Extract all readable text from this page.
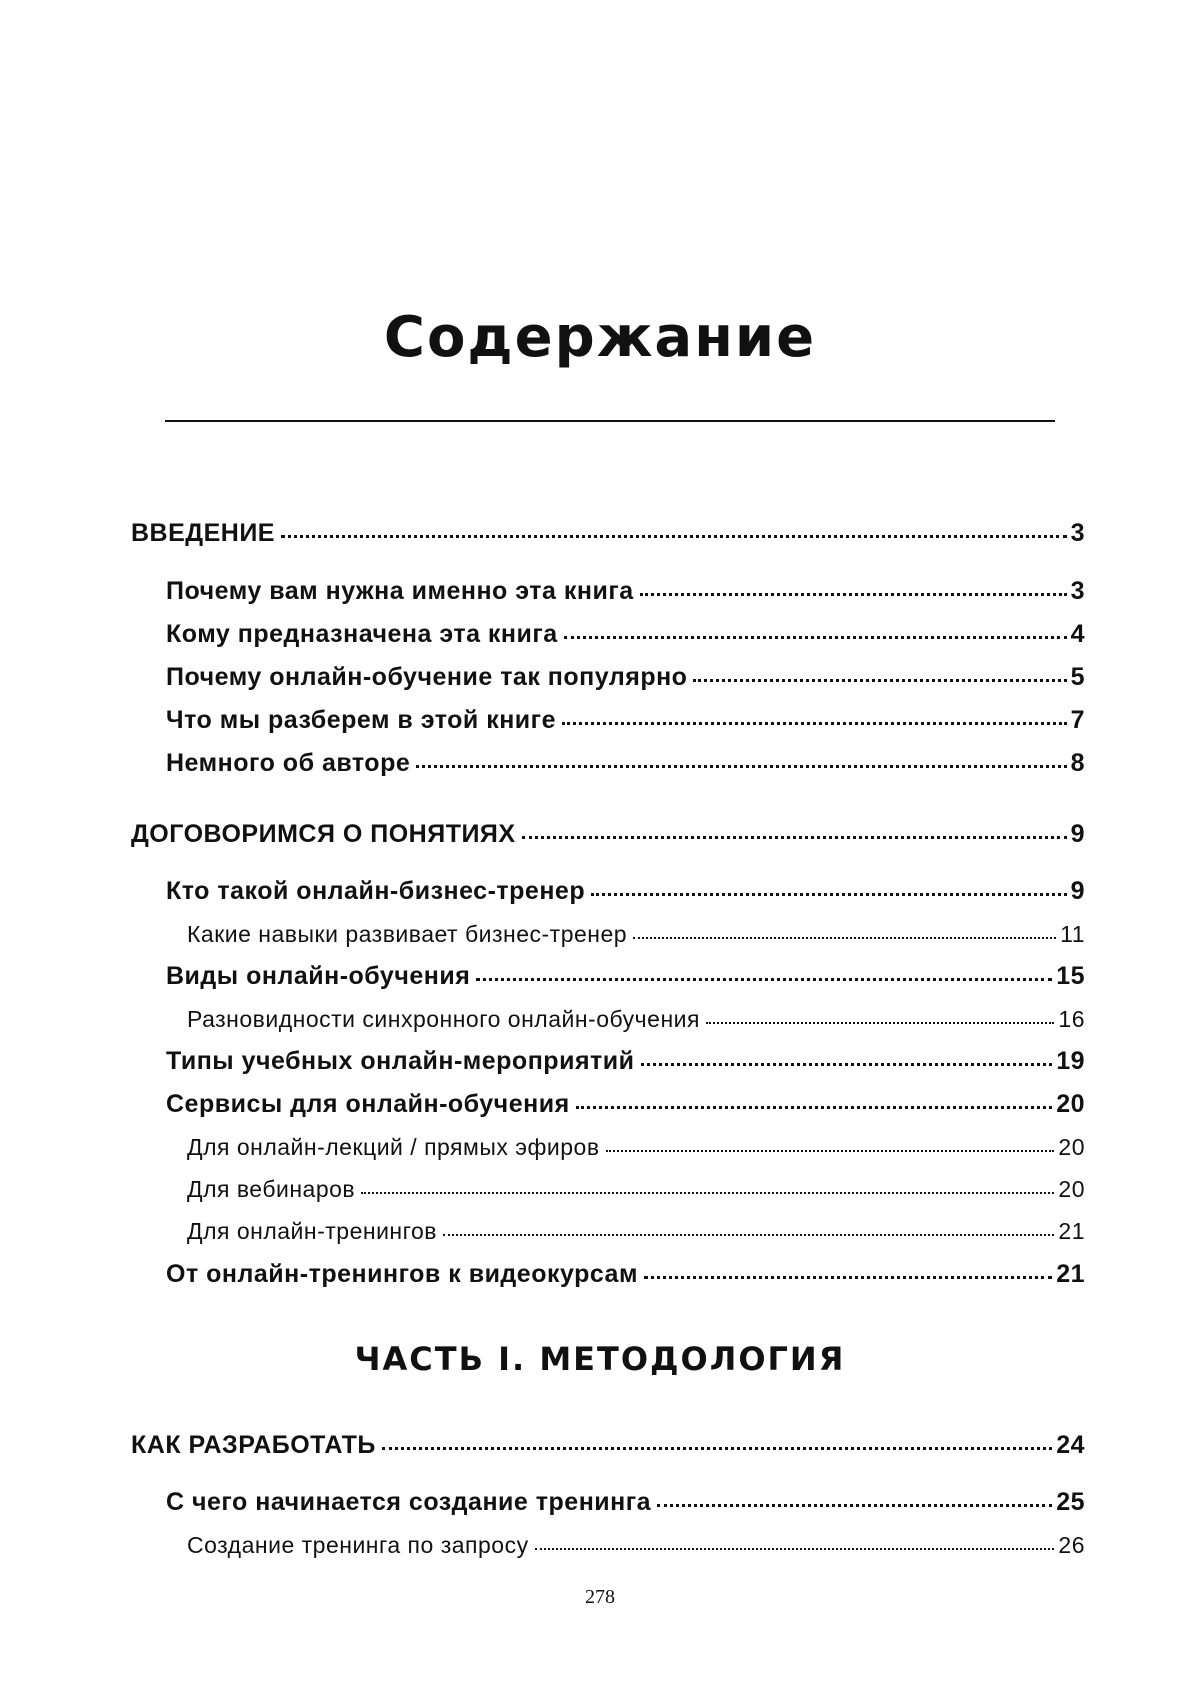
Содержание
ВВЕДЕНИЕ	3
Почему вам нужна именно эта книга	3
Кому предназначена эта книга	4
Почему онлайн-обучение так популярно	5
Что мы разберем в этой книге	7
Немного об авторе	8
ДОГОВОРИМСЯ О ПОНЯТИЯХ	9
Кто такой онлайн-бизнес-тренер	9
Какие навыки развивает бизнес-тренер	11
Виды онлайн-обучения	15
Разновидности синхронного онлайн-обучения	16
Типы учебных онлайн-мероприятий	19
Сервисы для онлайн-обучения	20
Для онлайн-лекций / прямых эфиров	20
Для вебинаров	20
Для онлайн-тренингов	21
От онлайн-тренингов к видеокурсам	21
ЧАСТЬ I. МЕТОДОЛОГИЯ
КАК РАЗРАБОТАТЬ	24
С чего начинается создание тренинга	25
Создание тренинга по запросу	26
278
